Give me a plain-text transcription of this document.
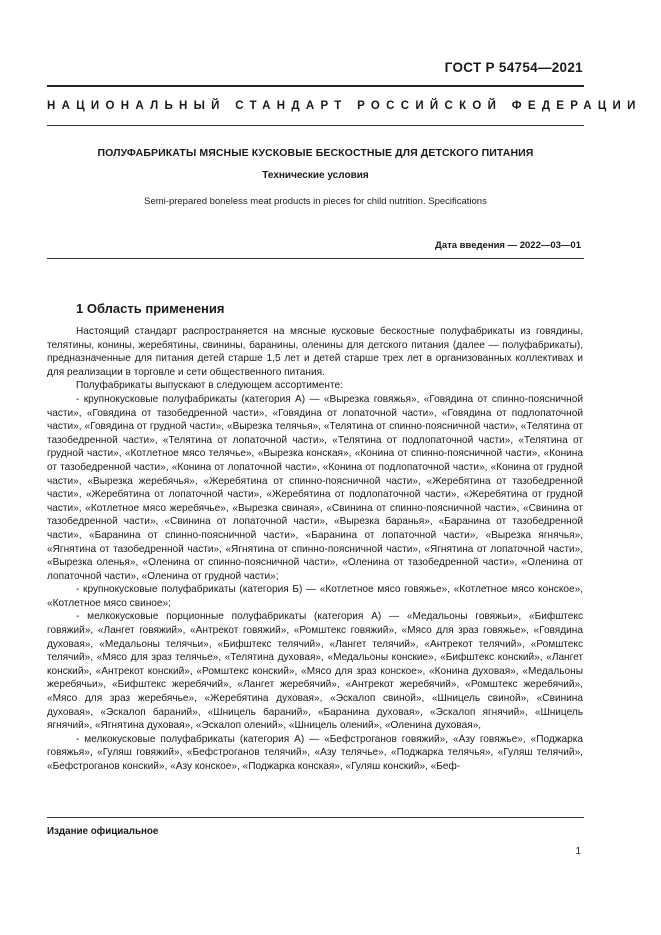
ГОСТ Р 54754—2021
НАЦИОНАЛЬНЫЙ СТАНДАРТ РОССИЙСКОЙ ФЕДЕРАЦИИ
ПОЛУФАБРИКАТЫ МЯСНЫЕ КУСКОВЫЕ БЕСКОСТНЫЕ ДЛЯ ДЕТСКОГО ПИТАНИЯ
Технические условия
Semi-prepared boneless meat products in pieces for child nutrition. Specifications
Дата введения — 2022—03—01
1 Область применения

Настоящий стандарт распространяется на мясные кусковые бескостные полуфабрикаты из говядины, телятины, конины, жеребятины, свинины, баранины, оленины для детского питания (далее — полуфабрикаты), предназначенные для питания детей старше 1,5 лет и детей старше трех лет в организованных коллективах и для реализации в торговле и сети общественного питания.

Полуфабрикаты выпускают в следующем ассортименте:

- крупнокусковые полуфабрикаты (категория А) — «Вырезка говяжья», «Говядина от спинно-поясничной части», «Говядина от тазобедренной части», «Говядина от лопаточной части», «Говядина от подлопаточной части», «Говядина от грудной части», «Вырезка телячья», «Телятина от спинно-поясничной части», «Телятина от тазобедренной части», «Телятина от лопаточной части», «Телятина от подлопаточной части», «Телятина от грудной части», «Котлетное мясо телячье», «Вырезка конская», «Конина от спинно-поясничной части», «Конина от тазобедренной части», «Конина от лопаточной части», «Конина от подлопаточной части», «Конина от грудной части», «Вырезка жеребячья», «Жеребятина от спинно-поясничной части», «Жеребятина от тазобедренной части», «Жеребятина от лопаточной части», «Жеребятина от подлопаточной части», «Жеребятина от грудной части», «Котлетное мясо жеребячье», «Вырезка свиная», «Свинина от спинно-поясничной части», «Свинина от тазобедренной части», «Свинина от лопаточной части», «Вырезка баранья», «Баранина от тазобедренной части», «Баранина от спинно-поясничной части», «Баранина от лопаточной части», «Вырезка ягнячья», «Ягнятина от тазобедренной части», «Ягнятина от спинно-поясничной части», «Ягнятина от лопаточной части», «Вырезка оленья», «Оленина от спинно-поясничной части», «Оленина от тазобедренной части», «Оленина от лопаточной части», «Оленина от грудной части»;

- крупнокусковые полуфабрикаты (категория Б) — «Котлетное мясо говяжье», «Котлетное мясо конское», «Котлетное мясо свиное»;

- мелкокусковые порционные полуфабрикаты (категория А) — «Медальоны говяжьи», «Бифштекс говяжий», «Лангет говяжий», «Антрекот говяжий», «Ромштекс говяжий», «Мясо для зраз говяжье», «Говядина духовая», «Медальоны телячьи», «Бифштекс телячий», «Лангет телячий», «Антрекот телячий», «Ромштекс телячий», «Мясо для зраз телячье», «Телятина духовая», «Медальоны конские», «Бифштекс конский», «Лангет конский», «Антрекот конский», «Ромштекс конский», «Мясо для зраз конское», «Конина духовая», «Медальоны жеребячьи», «Бифштекс жеребячий», «Лангет жеребячий», «Антрекот жеребячий», «Ромштекс жеребячий», «Мясо для зраз жеребячье», «Жеребятина духовая», «Эскалоп свиной», «Шницель свиной», «Свинина духовая», «Эскалоп бараний», «Шницель бараний», «Баранина духовая», «Эскалоп ягнячий», «Шницель ягнячий», «Ягнятина духовая», «Эскалоп олений», «Шницель олений», «Оленина духовая»,

- мелкокусковые полуфабрикаты (категория А) — «Бефстроганов говяжий», «Азу говяжье», «Поджарка говяжья», «Гуляш говяжий», «Бефстроганов телячий», «Азу телячье», «Поджарка телячья», «Гуляш телячий», «Бефстроганов конский», «Азу конское», «Поджарка конская», «Гуляш конский», «Беф-

Издание официальное
1
